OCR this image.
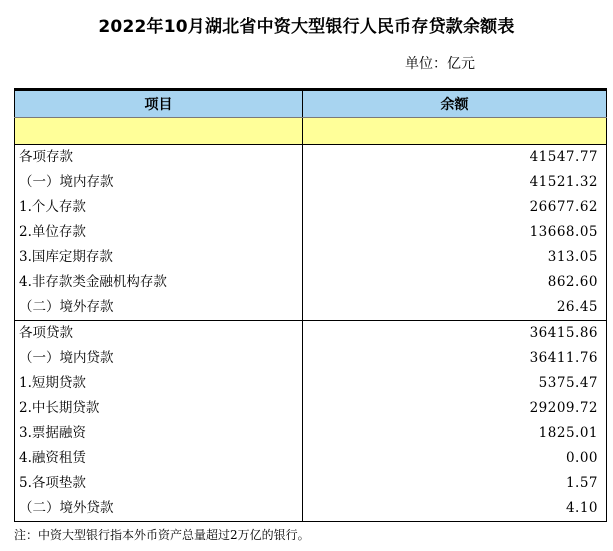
2022年10月湖北省中资大型银行人民币存贷款余额表
单位：亿元
项目	余额

各项存款	41547.77
（一）境内存款	41521.32
1.个人存款	26677.62
2.单位存款	13668.05
3.国库定期存款	313.05
4.非存款类金融机构存款	862.60
（二）境外存款	26.45
各项贷款	36415.86
（一）境内贷款	36411.76
1.短期贷款	5375.47
2.中长期贷款	29209.72
3.票据融资	1825.01
4.融资租赁	0.00
5.各项垫款	1.57
（二）境外贷款	4.10
注：中资大型银行指本外币资产总量超过2万亿的银行。
